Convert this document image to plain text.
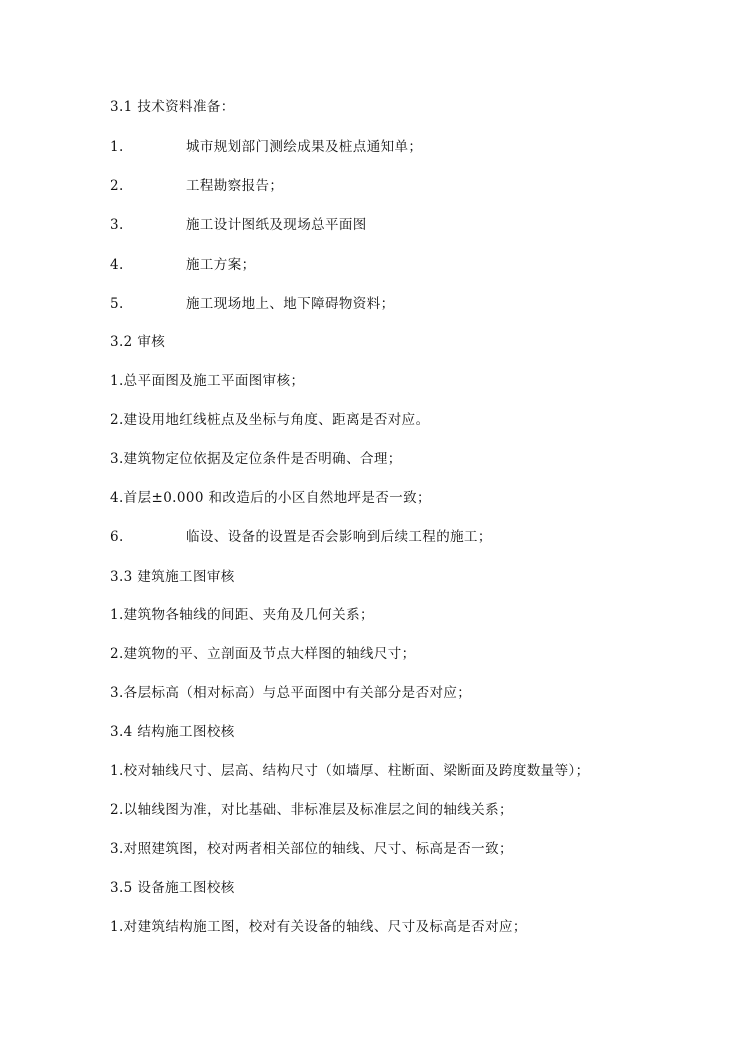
3.1 技术资料准备：
1.	城市规划部门测绘成果及桩点通知单；
2.	工程勘察报告；
3.	施工设计图纸及现场总平面图
4.	施工方案；
5.	施工现场地上、地下障碍物资料；
3.2 审核
1.总平面图及施工平面图审核；
2.建设用地红线桩点及坐标与角度、距离是否对应。
3.建筑物定位依据及定位条件是否明确、合理；
4.首层±0.000 和改造后的小区自然地坪是否一致；
6.	临设、设备的设置是否会影响到后续工程的施工；
3.3 建筑施工图审核
1.建筑物各轴线的间距、夹角及几何关系；
2.建筑物的平、立剖面及节点大样图的轴线尺寸；
3.各层标高（相对标高）与总平面图中有关部分是否对应；
3.4 结构施工图校核
1.校对轴线尺寸、层高、结构尺寸（如墙厚、柱断面、梁断面及跨度数量等）；
2.以轴线图为准，对比基础、非标准层及标准层之间的轴线关系；
3.对照建筑图，校对两者相关部位的轴线、尺寸、标高是否一致；
3.5 设备施工图校核
1.对建筑结构施工图，校对有关设备的轴线、尺寸及标高是否对应；
